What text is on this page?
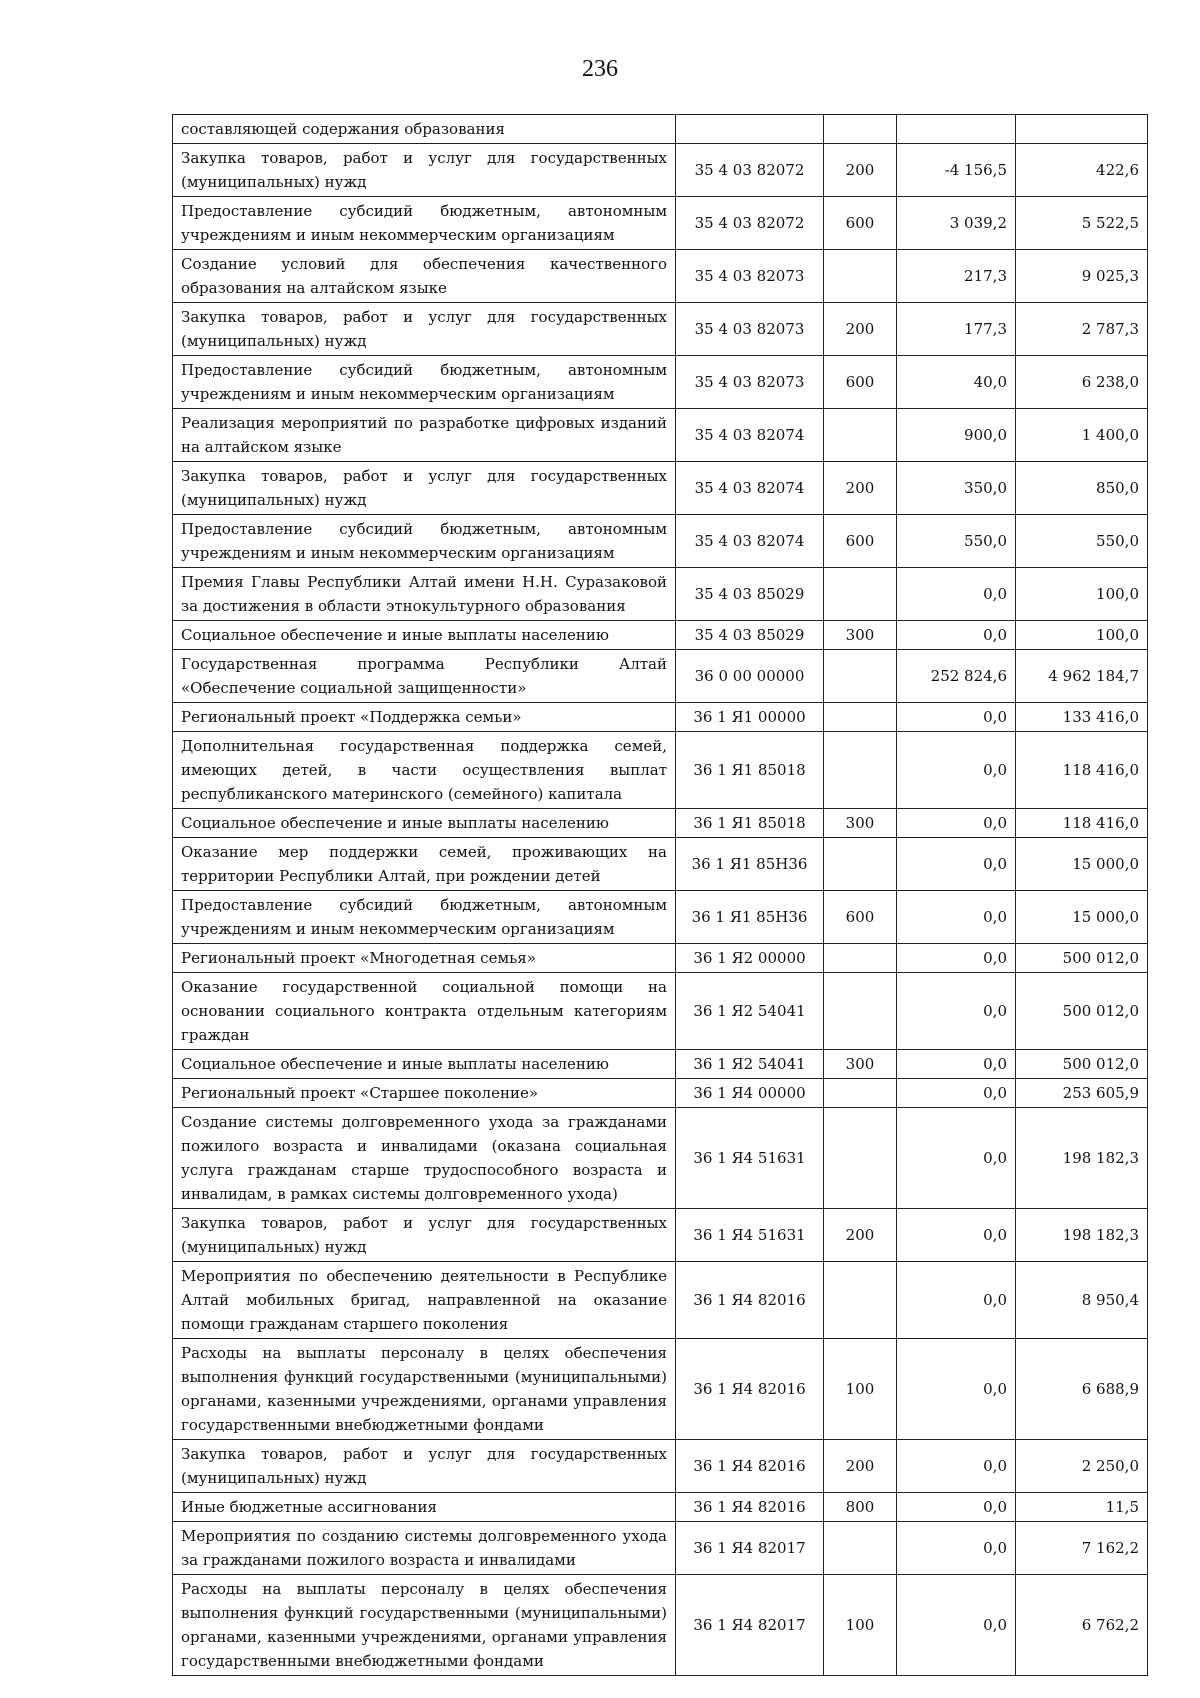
236
составляющей содержания образования				
Закупка товаров, работ и услуг для государственных (муниципальных) нужд	35 4 03 82072	200	-4 156,5	422,6
Предоставление субсидий бюджетным, автономным учреждениям и иным некоммерческим организациям	35 4 03 82072	600	3 039,2	5 522,5
Создание условий для обеспечения качественного образования на алтайском языке	35 4 03 82073		217,3	9 025,3
Закупка товаров, работ и услуг для государственных (муниципальных) нужд	35 4 03 82073	200	177,3	2 787,3
Предоставление субсидий бюджетным, автономным учреждениям и иным некоммерческим организациям	35 4 03 82073	600	40,0	6 238,0
Реализация мероприятий по разработке цифровых изданий на алтайском языке	35 4 03 82074		900,0	1 400,0
Закупка товаров, работ и услуг для государственных (муниципальных) нужд	35 4 03 82074	200	350,0	850,0
Предоставление субсидий бюджетным, автономным учреждениям и иным некоммерческим организациям	35 4 03 82074	600	550,0	550,0
Премия Главы Республики Алтай имени Н.Н. Суразаковой за достижения в области этнокультурного образования	35 4 03 85029		0,0	100,0
Социальное обеспечение и иные выплаты населению	35 4 03 85029	300	0,0	100,0
Государственная программа Республики Алтай «Обеспечение социальной защищенности»	36 0 00 00000		252 824,6	4 962 184,7
Региональный проект «Поддержка семьи»	36 1 Я1 00000		0,0	133 416,0
Дополнительная государственная поддержка семей, имеющих детей, в части осуществления выплат республиканского материнского (семейного) капитала	36 1 Я1 85018		0,0	118 416,0
Социальное обеспечение и иные выплаты населению	36 1 Я1 85018	300	0,0	118 416,0
Оказание мер поддержки семей, проживающих на территории Республики Алтай, при рождении детей	36 1 Я1 85Н36		0,0	15 000,0
Предоставление субсидий бюджетным, автономным учреждениям и иным некоммерческим организациям	36 1 Я1 85Н36	600	0,0	15 000,0
Региональный проект «Многодетная семья»	36 1 Я2 00000		0,0	500 012,0
Оказание государственной социальной помощи на основании социального контракта отдельным категориям граждан	36 1 Я2 54041		0,0	500 012,0
Социальное обеспечение и иные выплаты населению	36 1 Я2 54041	300	0,0	500 012,0
Региональный проект «Старшее поколение»	36 1 Я4 00000		0,0	253 605,9
Создание системы долговременного ухода за гражданами пожилого возраста и инвалидами (оказана социальная услуга гражданам старше трудоспособного возраста и инвалидам, в рамках системы долговременного ухода)	36 1 Я4 51631		0,0	198 182,3
Закупка товаров, работ и услуг для государственных (муниципальных) нужд	36 1 Я4 51631	200	0,0	198 182,3
Мероприятия по обеспечению деятельности в Республике Алтай мобильных бригад, направленной на оказание помощи гражданам старшего поколения	36 1 Я4 82016		0,0	8 950,4
Расходы на выплаты персоналу в целях обеспечения выполнения функций государственными (муниципальными) органами, казенными учреждениями, органами управления государственными внебюджетными фондами	36 1 Я4 82016	100	0,0	6 688,9
Закупка товаров, работ и услуг для государственных (муниципальных) нужд	36 1 Я4 82016	200	0,0	2 250,0
Иные бюджетные ассигнования	36 1 Я4 82016	800	0,0	11,5
Мероприятия по созданию системы долговременного ухода за гражданами пожилого возраста и инвалидами	36 1 Я4 82017		0,0	7 162,2
Расходы на выплаты персоналу в целях обеспечения выполнения функций государственными (муниципальными) органами, казенными учреждениями, органами управления государственными внебюджетными фондами	36 1 Я4 82017	100	0,0	6 762,2
